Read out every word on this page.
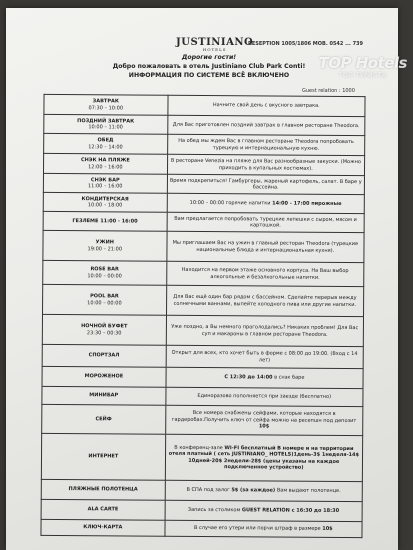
JUSTINIANO
HOTELS
RESEPTION 1005/1806 MOB. 0542 ... 739
Дорогие гости!
Добро пожаловать в отель Justiniano Club Park Conti!
ИНФОРМАЦИЯ ПО СИСТЕМЕ ВСЁ ВКЛЮЧЕНО
Guest relation : 1000
ЗАВТРАК
07:30 – 10:00	Начните свой день с вкусного завтрака.

ПОЗДНИЙ ЗАВТРАК
10:00 – 11:00	Для Вас приготовлен поздний завтрак в главном ресторане Theodora.

ОБЕД
12:30 – 14:00	На обед мы ждем Вас в главном ресторане Theodora попробовать турецкую и интернациональную кухню.

СНЭК НА ПЛЯЖЕ
12:00 – 16:00	В ресторане Venezia на пляже для Вас разнообразные закуски. (Можно приходить в купальных костюмах).

СНЭК БАР
11:00 – 16:00	Время подкрепиться! Гамбургеры, жареный картофель, салат. В баре у бассейна.

КОНДИТЕРСКАЯ
10:00 – 18:00	10:00 – 00:00 горячие напитки 14:00 - 17:00 пирожные

ГЕЗЛЕМЕ 11:00 - 16:00	Вам предлагается попробовать турецкие лепешки с сыром, мясом и картошкой.

УЖИН
19:00 – 21:00	Мы приглашаем Вас на ужин в главный ресторан Theodora (турецкие национальные блюда и интернациональная кухня).

ROSE BAR
10:00 – 00:00	Находится на первом этаже основного корпуса. На Ваш выбор алкогольные и безалкогольные напитки.

POOL BAR
10:00 – 00:00	Для Вас ещё один бар рядом с бассейном. Сделайте перерыв между солнечными ваннами, выпейте холодного пива или другие напитки.

НОЧНОЙ БУФЕТ
23:30 – 00:30	Уже поздно, а Вы немного проголодались? Никаких проблем! Для Вас суп и макароны в главном ресторане Theodora.

СПОРТЗАЛ	Открыт для всех, кто хочет быть в форме с 08:00 до 19:00. (Вход с 14 лет)

МОРОЖЕНОЕ	С 12:30 до 14:00 в снэк баре

МИНИБАР	Единоразово пополняется при заезде (бесплатно)

СЕЙФ	Все номера снабжены сейфами, которые находятся в гардеробах.Получить ключ от сейфа можно на ресепшн под депозит 10$

ИНТЕРНЕТ	В конференц-зале WI-FI бесплатный В номере и на территории отеля платный ( сеть JUSTINIANO_ HOTELS)1день-3$ 1неделя-14$ 10дней-20$ 2недели-28$ (цены указаны на каждое подключенное устройство)

ПЛЯЖНЫЕ ПОЛОТЕНЦА	В СПА под залог 5$ (за каждое) Вам выдают полотенце.

ALA CARTE	Запись за столиком GUEST RELATION с 16:30 до 18:30

КЛЮЧ-КАРТА	В случае его утери или порчи штраф в размере 10$
TOP Hotels
ТОП ТУРИСТА
